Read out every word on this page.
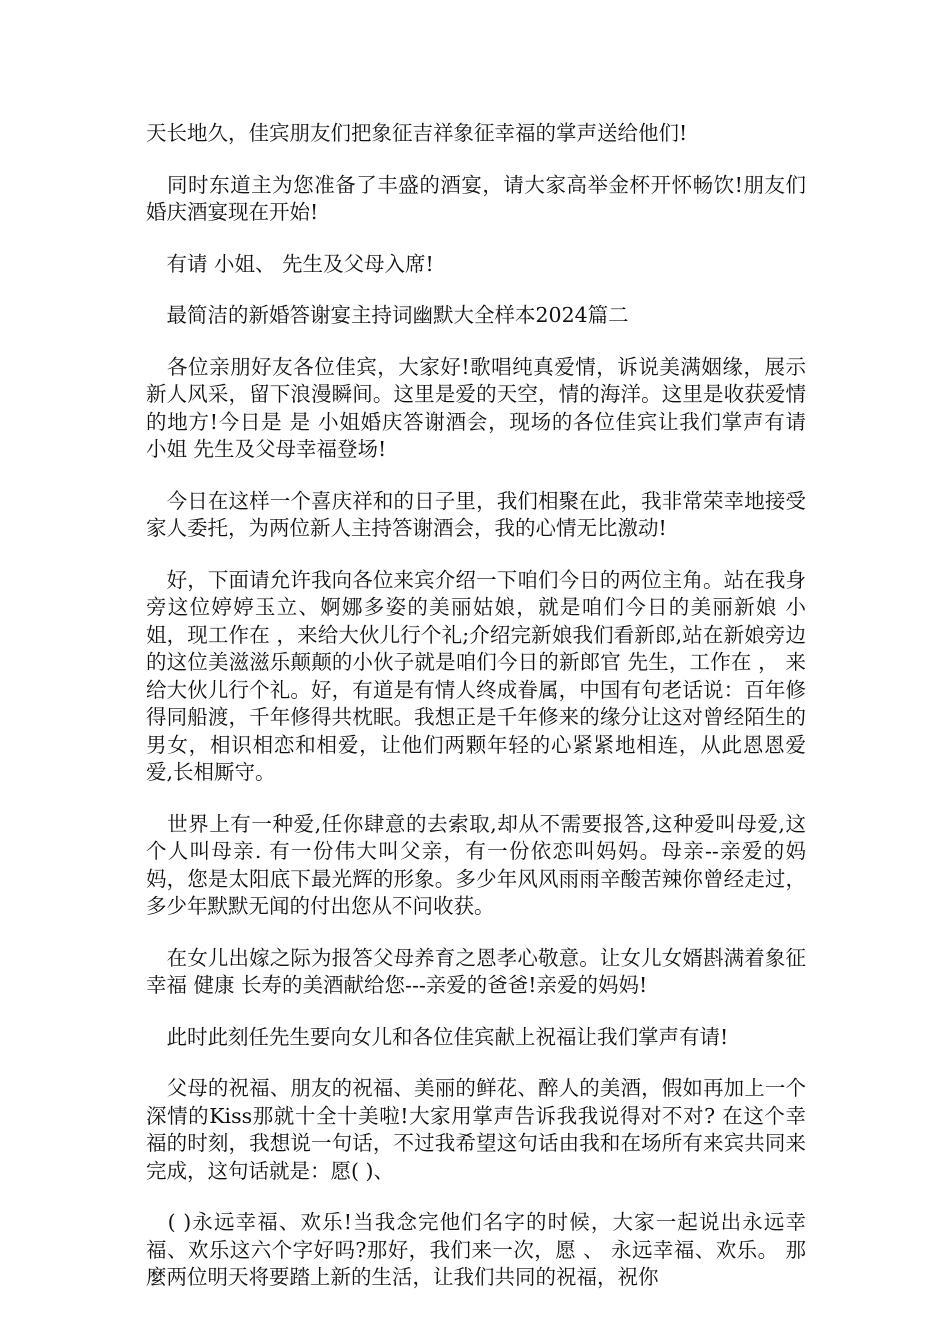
天长地久，佳宾朋友们把象征吉祥象征幸福的掌声送给他们!

　同时东道主为您准备了丰盛的酒宴，请大家高举金杯开怀畅饮!朋友们婚庆酒宴现在开始!

　有请 小姐、 先生及父母入席!

　最简洁的新婚答谢宴主持词幽默大全样本2024篇二

　各位亲朋好友各位佳宾，大家好!歌唱纯真爱情，诉说美满姻缘，展示新人风采，留下浪漫瞬间。这里是爱的天空，情的海洋。这里是收获爱情的地方!今日是 是 小姐婚庆答谢酒会，现场的各位佳宾让我们掌声有请 小姐 先生及父母幸福登场!

　今日在这样一个喜庆祥和的日子里，我们相聚在此，我非常荣幸地接受 家人委托，为两位新人主持答谢酒会，我的心情无比激动!

　好，下面请允许我向各位来宾介绍一下咱们今日的两位主角。站在我身旁这位婷婷玉立、婀娜多姿的美丽姑娘，就是咱们今日的美丽新娘 小姐，现工作在 ，来给大伙儿行个礼;介绍完新娘我们看新郎,站在新娘旁边的这位美滋滋乐颠颠的小伙子就是咱们今日的新郎官 先生，工作在 ， 来给大伙儿行个礼。好，有道是有情人终成眷属，中国有句老话说：百年修得同船渡，千年修得共枕眠。我想正是千年修来的缘分让这对曾经陌生的男女，相识相恋和相爱，让他们两颗年轻的心紧紧地相连，从此恩恩爱爱,长相厮守。

　世界上有一种爱,任你肆意的去索取,却从不需要报答,这种爱叫母爱,这个人叫母亲. 有一份伟大叫父亲，有一份依恋叫妈妈。母亲--亲爱的妈妈，您是太阳底下最光辉的形象。多少年风风雨雨辛酸苦辣你曾经走过，多少年默默无闻的付出您从不问收获。

　在女儿出嫁之际为报答父母养育之恩孝心敬意。让女儿女婿斟满着象征幸福 健康 长寿的美酒献给您---亲爱的爸爸!亲爱的妈妈!

　此时此刻任先生要向女儿和各位佳宾献上祝福让我们掌声有请!

　父母的祝福、朋友的祝福、美丽的鲜花、醉人的美酒，假如再加上一个深情的Kiss那就十全十美啦!大家用掌声告诉我我说得对不对? 在这个幸福的时刻，我想说一句话，不过我希望这句话由我和在场所有来宾共同来完成，这句话就是：愿( )、

　( )永远幸福、欢乐!当我念完他们名字的时候，大家一起说出永远幸福、欢乐这六个字好吗?那好，我们来一次，愿 、 永远幸福、欢乐。 那麼两位明天将要踏上新的生活，让我们共同的祝福，祝你
